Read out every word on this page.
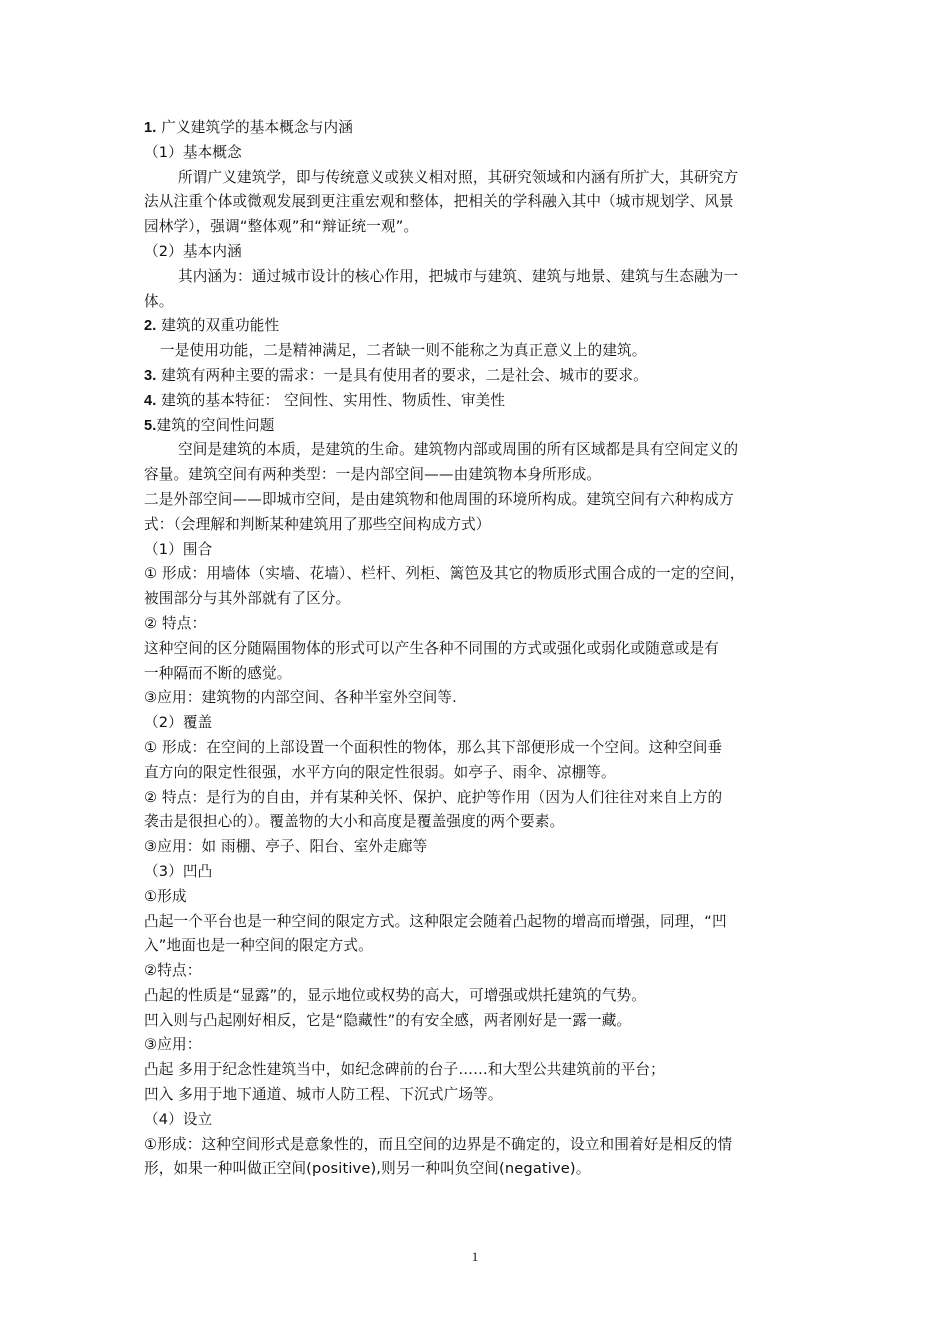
1. 广义建筑学的基本概念与内涵
（1）基本概念
所谓广义建筑学，即与传统意义或狭义相对照，其研究领域和内涵有所扩大，其研究方
法从注重个体或微观发展到更注重宏观和整体，把相关的学科融入其中（城市规划学、风景
园林学），强调“整体观”和“辩证统一观”。
（2）基本内涵
其内涵为：通过城市设计的核心作用，把城市与建筑、建筑与地景、建筑与生态融为一
体。
2. 建筑的双重功能性
一是使用功能，二是精神满足，二者缺一则不能称之为真正意义上的建筑。
3. 建筑有两种主要的需求：一是具有使用者的要求，二是社会、城市的要求。
4. 建筑的基本特征： 空间性、实用性、物质性、审美性
5.建筑的空间性问题
空间是建筑的本质，是建筑的生命。建筑物内部或周围的所有区域都是具有空间定义的
容量。建筑空间有两种类型：一是内部空间——由建筑物本身所形成。
二是外部空间——即城市空间，是由建筑物和他周围的环境所构成。建筑空间有六种构成方
式：（会理解和判断某种建筑用了那些空间构成方式）
（1）围合
① 形成：用墙体（实墙、花墙）、栏杆、列柜、篱笆及其它的物质形式围合成的一定的空间，
被围部分与其外部就有了区分。
② 特点：
这种空间的区分随隔围物体的形式可以产生各种不同围的方式或强化或弱化或随意或是有
一种隔而不断的感觉。
③应用：建筑物的内部空间、各种半室外空间等.
（2）覆盖
① 形成：在空间的上部设置一个面积性的物体，那么其下部便形成一个空间。这种空间垂
直方向的限定性很强，水平方向的限定性很弱。如亭子、雨伞、凉棚等。
② 特点：是行为的自由，并有某种关怀、保护、庇护等作用（因为人们往往对来自上方的
袭击是很担心的）。覆盖物的大小和高度是覆盖强度的两个要素。
③应用：如 雨棚、亭子、阳台、室外走廊等
（3）凹凸
①形成
凸起一个平台也是一种空间的限定方式。这种限定会随着凸起物的增高而增强，同理，“凹
入”地面也是一种空间的限定方式。
②特点：
凸起的性质是“显露”的，显示地位或权势的高大，可增强或烘托建筑的气势。
凹入则与凸起刚好相反，它是“隐藏性”的有安全感，两者刚好是一露一藏。
③应用：
凸起 多用于纪念性建筑当中，如纪念碑前的台子……和大型公共建筑前的平台；
凹入 多用于地下通道、城市人防工程、下沉式广场等。
（4）设立
①形成：这种空间形式是意象性的，而且空间的边界是不确定的，设立和围着好是相反的情
形，如果一种叫做正空间(positive),则另一种叫负空间(negative)。
1
